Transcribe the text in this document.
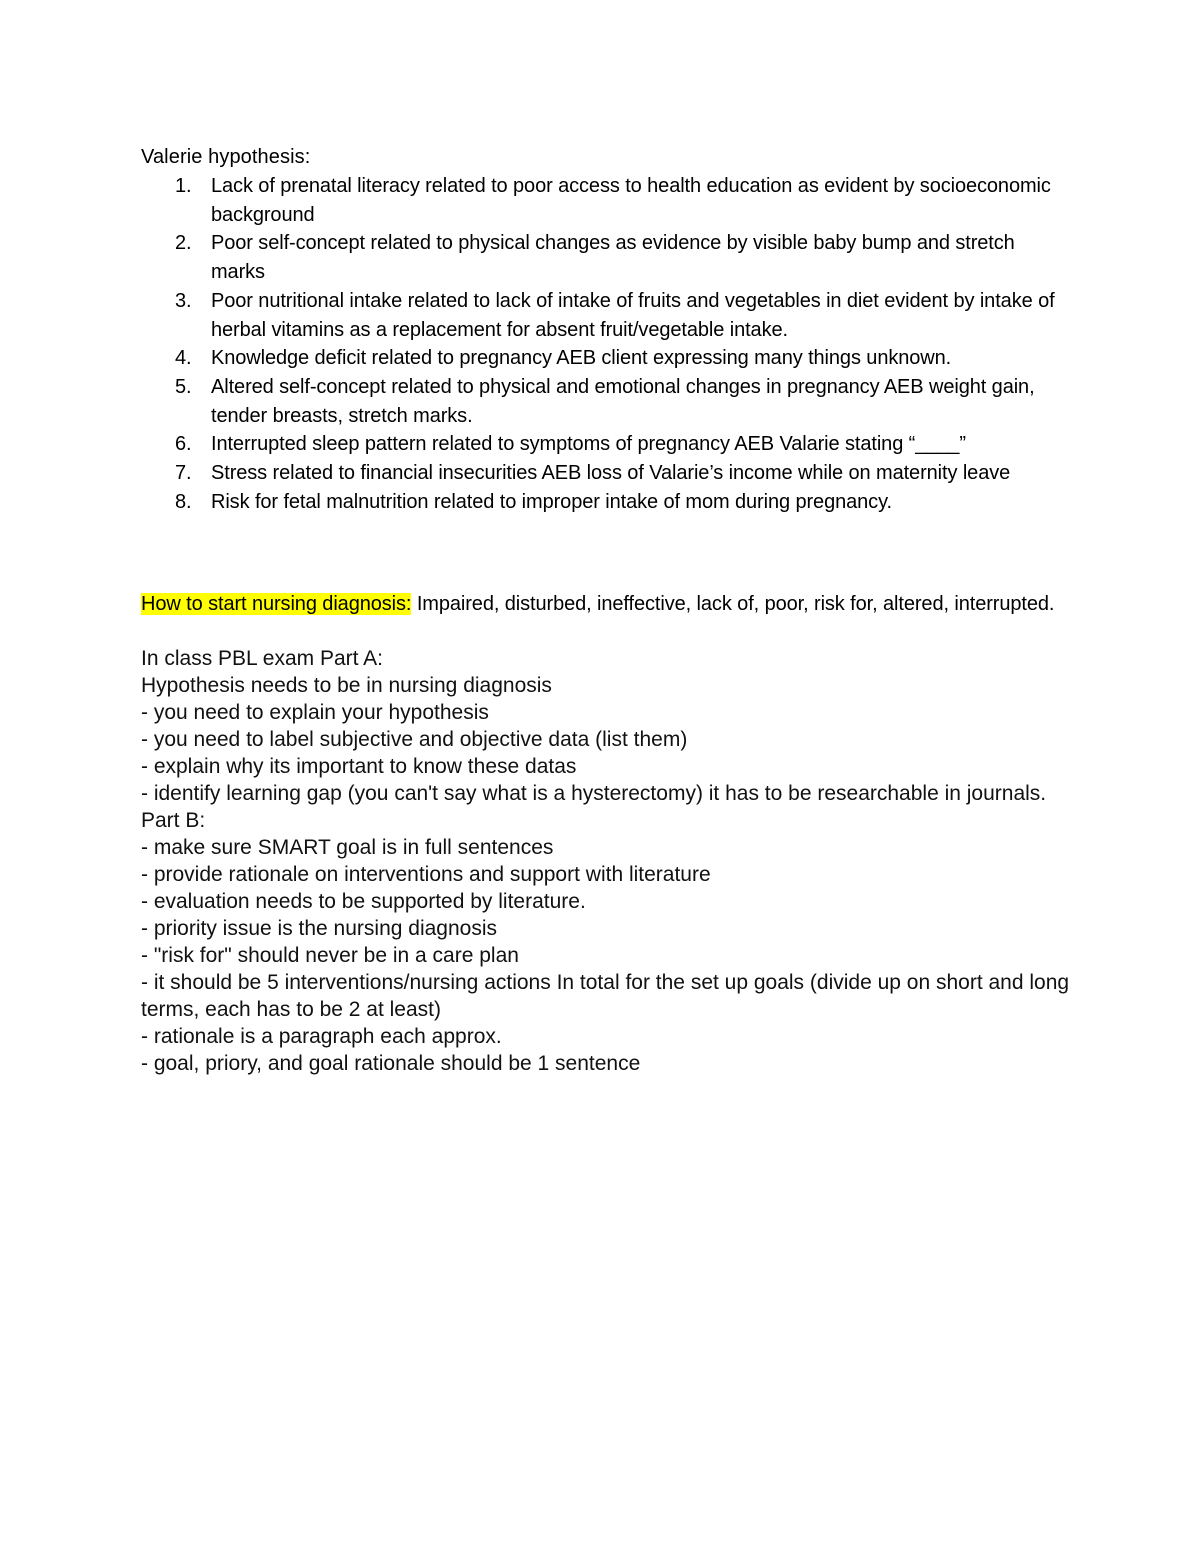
Valerie hypothesis:

1. Lack of prenatal literacy related to poor access to health education as evident by socioeconomic background
2. Poor self-concept related to physical changes as evidence by visible baby bump and stretch marks
3. Poor nutritional intake related to lack of intake of fruits and vegetables in diet evident by intake of herbal vitamins as a replacement for absent fruit/vegetable intake.
4. Knowledge deficit related to pregnancy AEB client expressing many things unknown.
5. Altered self-concept related to physical and emotional changes in pregnancy AEB weight gain, tender breasts, stretch marks.
6. Interrupted sleep pattern related to symptoms of pregnancy AEB Valarie stating “____”
7. Stress related to financial insecurities AEB loss of Valarie’s income while on maternity leave
8. Risk for fetal malnutrition related to improper intake of mom during pregnancy.

How to start nursing diagnosis: Impaired, disturbed, ineffective, lack of, poor, risk for, altered, interrupted.

In class PBL exam Part A:

Hypothesis needs to be in nursing diagnosis

- you need to explain your hypothesis

- you need to label subjective and objective data (list them)

- explain why its important to know these datas

- identify learning gap (you can't say what is a hysterectomy) it has to be researchable in journals.

Part B:

- make sure SMART goal is in full sentences

- provide rationale on interventions and support with literature

- evaluation needs to be supported by literature.

- priority issue is the nursing diagnosis

- "risk for" should never be in a care plan

- it should be 5 interventions/nursing actions In total for the set up goals (divide up on short and long terms, each has to be 2 at least)

- rationale is a paragraph each approx.

- goal, priory, and goal rationale should be 1 sentence
